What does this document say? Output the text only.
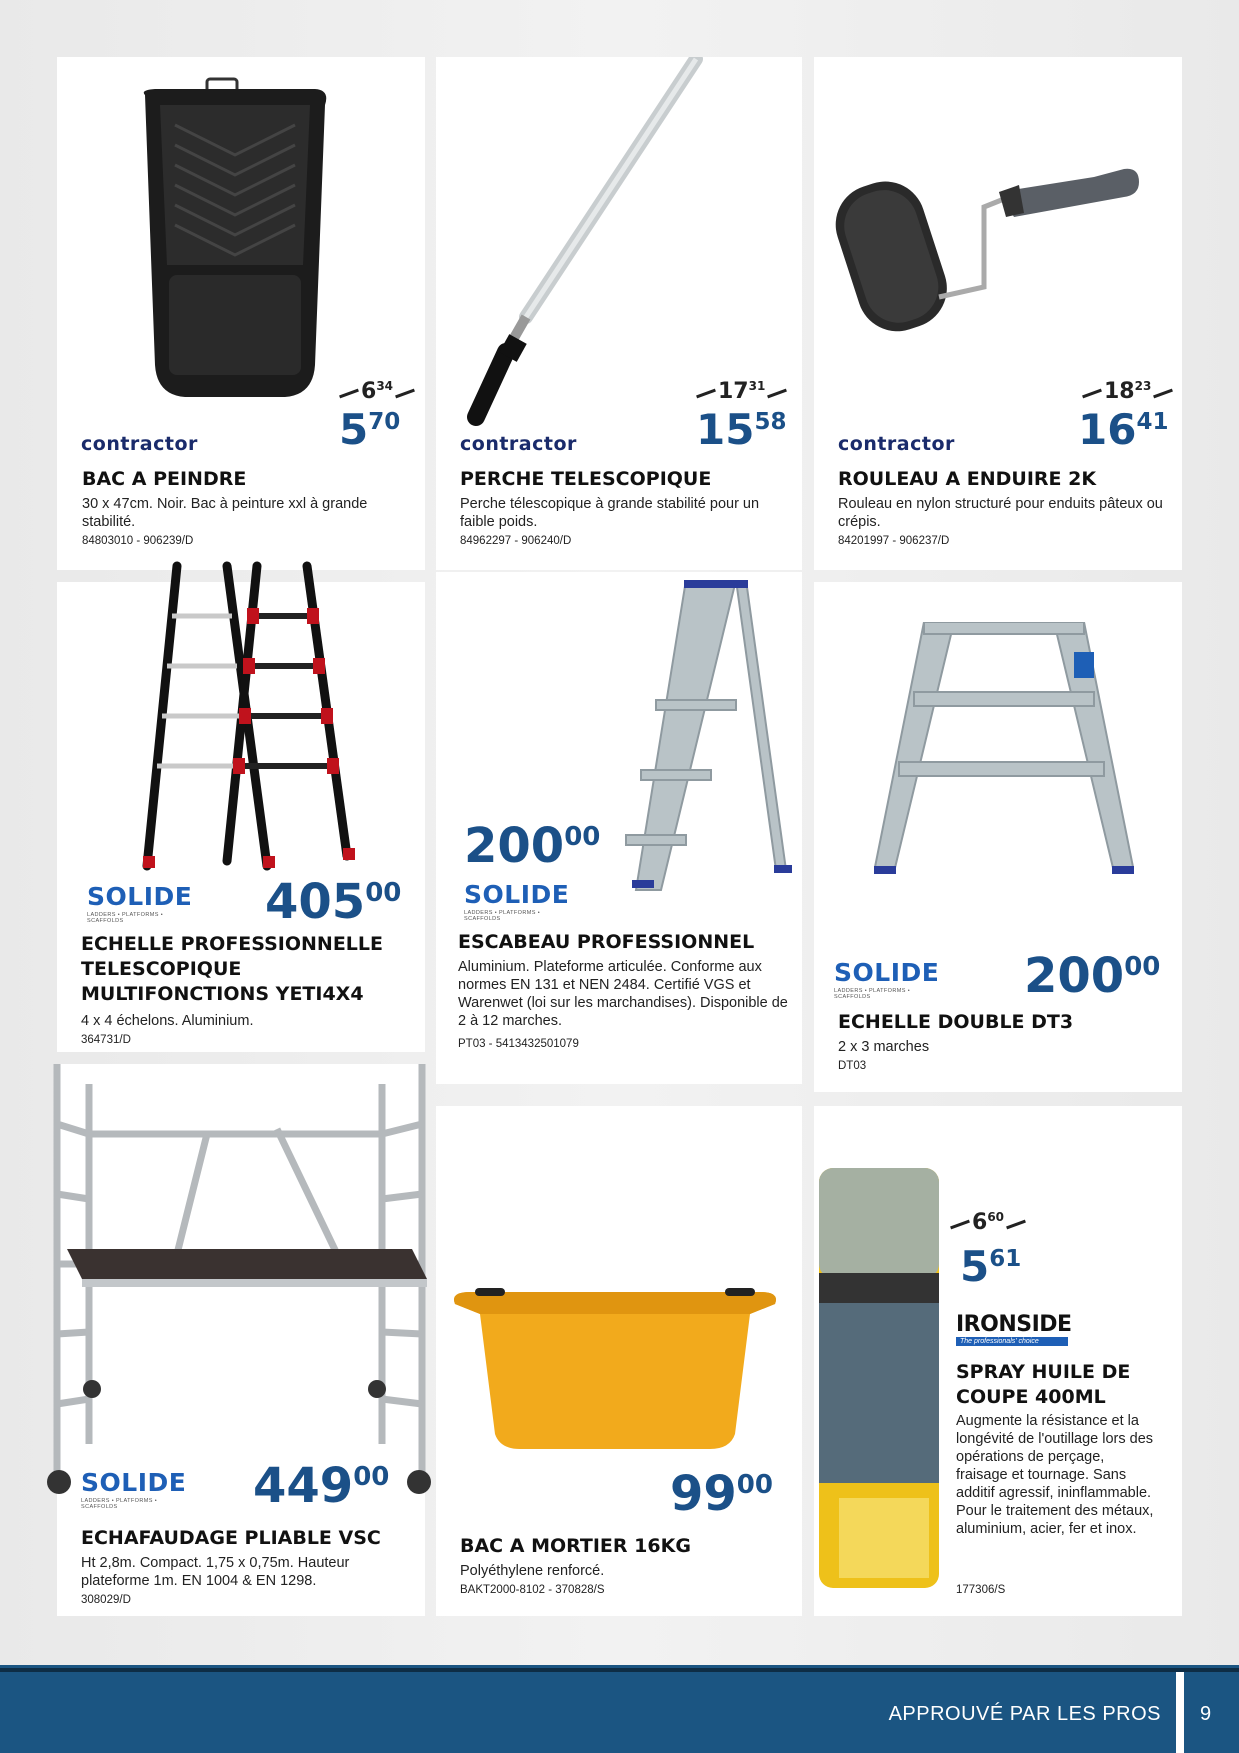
$6^{34}$
570
contractor
BAC A PEINDRE
30 x 47cm. Noir. Bac à peinture xxl à grande stabilité.
84803010 - 906239/D
$17^{31}$
1558
contractor
PERCHE TELESCOPIQUE
Perche télescopique à grande stabilité pour un faible poids.
84962297 - 906240/D
$18^{23}$
1641
contractor
ROULEAU A ENDUIRE 2K
Rouleau en nylon structuré pour enduits pâteux ou crépis.
84201997 - 906237/D
SOLIDE
LADDERS • PLATFORMS • SCAFFOLDS	40500
ECHELLE PROFESSIONNELLE TELESCOPIQUE MULTIFONCTIONS YETI4X4
4 x 4 échelons. Aluminium.
364731/D
20000
SOLIDE
LADDERS • PLATFORMS • SCAFFOLDS
ESCABEAU PROFESSIONNEL
Aluminium. Plateforme articulée. Conforme aux normes EN 131 et NEN 2484. Certifié VGS et Warenwet (loi sur les marchandises). Disponible de 2 à 12 marches.
PT03 - 5413432501079
SOLIDE
LADDERS • PLATFORMS • SCAFFOLDS	20000
ECHELLE DOUBLE DT3
2 x 3 marches
DT03
SOLIDE
LADDERS • PLATFORMS • SCAFFOLDS	44900
ECHAFAUDAGE PLIABLE VSC
Ht 2,8m. Compact. 1,75 x 0,75m. Hauteur plateforme 1m. EN 1004 & EN 1298.
308029/D
9900
BAC A MORTIER 16KG
Polyéthylene renforcé.
BAKT2000-8102 - 370828/S
$6^{60}$
561
IRONSIDE
The professionals' choice
SPRAY HUILE DE COUPE 400ML
Augmente la résistance et la longévité de l'outillage lors des opérations de perçage, fraisage et tournage. Sans additif agressif, ininflammable. Pour le traitement des métaux, aluminium, acier, fer et inox.
177306/S
APPROUVÉ PAR LES PROS 9
